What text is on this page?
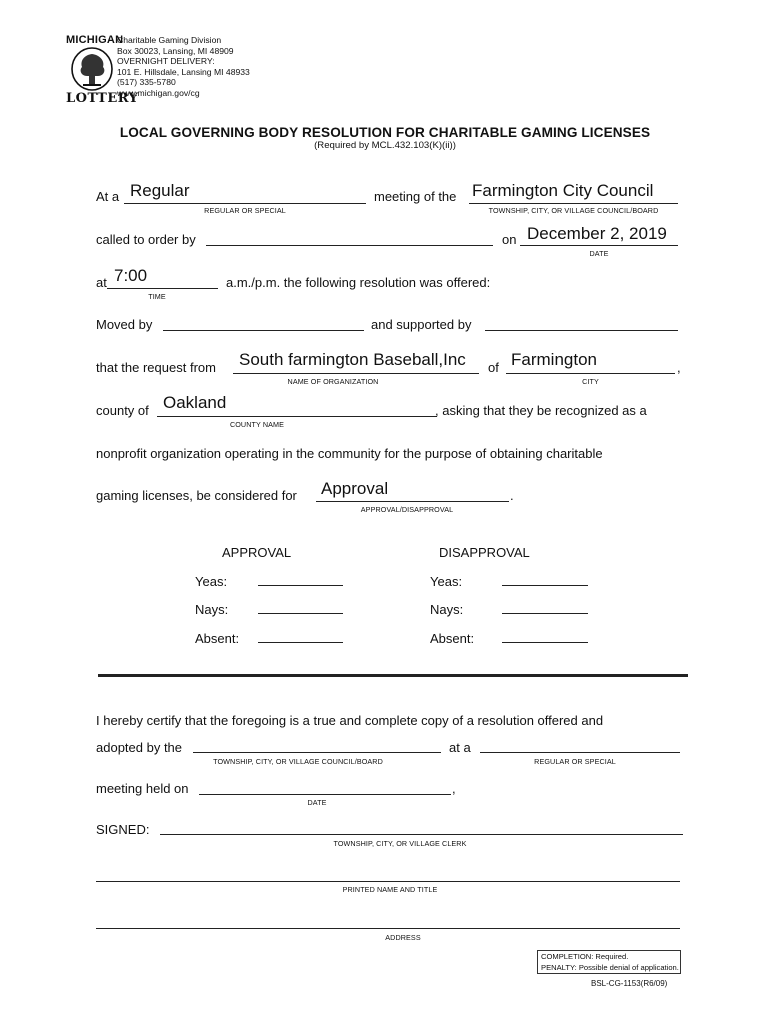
MICHIGAN
LOTTERY
Charitable Gaming Division
Box 30023, Lansing, MI 48909
OVERNIGHT DELIVERY:
101 E. Hillsdale, Lansing MI 48933
(517) 335-5780
www.michigan.gov/cg
LOCAL GOVERNING BODY RESOLUTION FOR CHARITABLE GAMING LICENSES
(Required by MCL.432.103(K)(ii))
At a Regular
REGULAR OR SPECIAL
meeting of the Farmington City Council
TOWNSHIP, CITY, OR VILLAGE COUNCIL/BOARD
called to order by	on December 2, 2019
DATE
at 7:00
TIME
a.m./p.m. the following resolution was offered:
Moved by	and supported by
that the request from South farmington Baseball,Inc
NAME OF ORGANIZATION
of Farmington
CITY
,
county of Oakland
COUNTY NAME
, asking that they be recognized as a
nonprofit organization operating in the community for the purpose of obtaining charitable
gaming licenses, be considered for Approval
APPROVAL/DISAPPROVAL
.
APPROVAL	DISAPPROVAL
Yeas:	Yeas:
Nays:	Nays:
Absent:	Absent:
I hereby certify that the foregoing is a true and complete copy of a resolution offered and
adopted by the
TOWNSHIP, CITY, OR VILLAGE COUNCIL/BOARD
at a
REGULAR OR SPECIAL
meeting held on	,
DATE
SIGNED:
TOWNSHIP, CITY, OR VILLAGE CLERK
PRINTED NAME AND TITLE
ADDRESS
COMPLETION: Required.
PENALTY: Possible denial of application.
BSL-CG-1153(R6/09)
